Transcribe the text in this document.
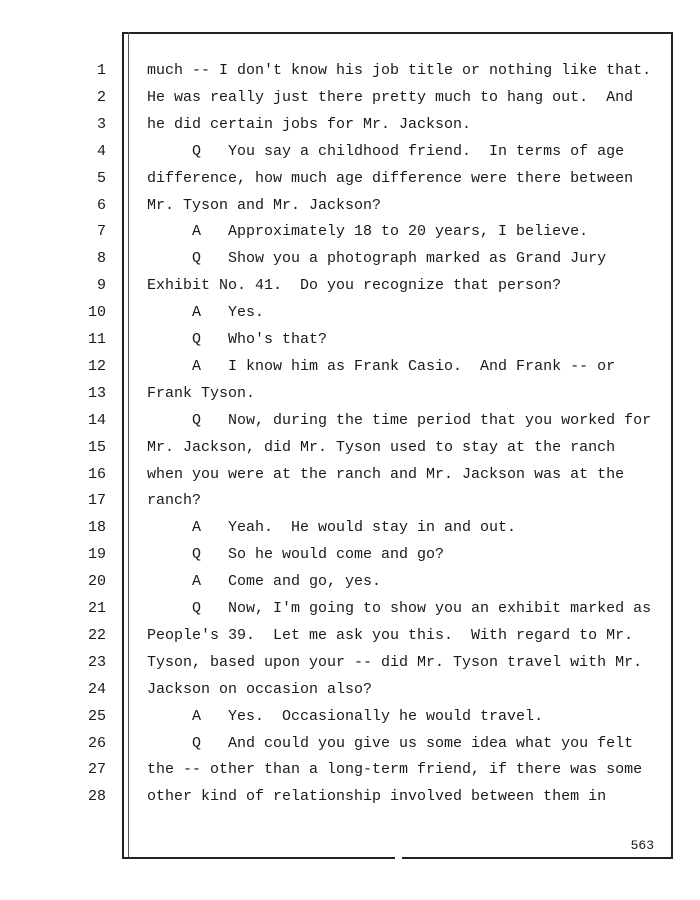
1	much -- I don't know his job title or nothing like that.
2	He was really just there pretty much to hang out.  And
3	he did certain jobs for Mr. Jackson.
4	Q   You say a childhood friend.  In terms of age
5	difference, how much age difference were there between
6	Mr. Tyson and Mr. Jackson?
7	A   Approximately 18 to 20 years, I believe.
8	Q   Show you a photograph marked as Grand Jury
9	Exhibit No. 41.  Do you recognize that person?
10	A   Yes.
11	Q   Who's that?
12	A   I know him as Frank Casio.  And Frank -- or
13	Frank Tyson.
14	Q   Now, during the time period that you worked for
15	Mr. Jackson, did Mr. Tyson used to stay at the ranch
16	when you were at the ranch and Mr. Jackson was at the
17	ranch?
18	A   Yeah.  He would stay in and out.
19	Q   So he would come and go?
20	A   Come and go, yes.
21	Q   Now, I'm going to show you an exhibit marked as
22	People's 39.  Let me ask you this.  With regard to Mr.
23	Tyson, based upon your -- did Mr. Tyson travel with Mr.
24	Jackson on occasion also?
25	A   Yes.  Occasionally he would travel.
26	Q   And could you give us some idea what you felt
27	the -- other than a long-term friend, if there was some
28	other kind of relationship involved between them in
563
